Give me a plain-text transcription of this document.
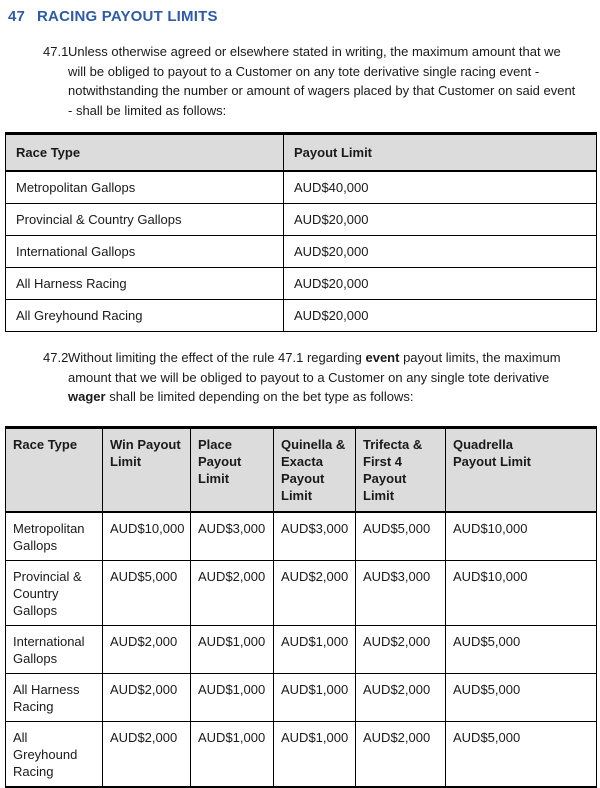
47 RACING PAYOUT LIMITS
47.1 Unless otherwise agreed or elsewhere stated in writing, the maximum amount that we will be obliged to payout to a Customer on any tote derivative single racing event - notwithstanding the number or amount of wagers placed by that Customer on said event - shall be limited as follows:
Race Type	Payout Limit
Metropolitan Gallops	AUD$40,000
Provincial & Country Gallops	AUD$20,000
International Gallops	AUD$20,000
All Harness Racing	AUD$20,000
All Greyhound Racing	AUD$20,000
47.2 Without limiting the effect of the rule 47.1 regarding event payout limits, the maximum amount that we will be obliged to payout to a Customer on any single tote derivative wager shall be limited depending on the bet type as follows:
Race Type	Win Payout Limit	Place Payout Limit	Quinella & Exacta Payout Limit	Trifecta & First 4 Payout Limit	Quadrella Payout Limit
Metropolitan Gallops	AUD$10,000	AUD$3,000	AUD$3,000	AUD$5,000	AUD$10,000
Provincial & Country Gallops	AUD$5,000	AUD$2,000	AUD$2,000	AUD$3,000	AUD$10,000
International Gallops	AUD$2,000	AUD$1,000	AUD$1,000	AUD$2,000	AUD$5,000
All Harness Racing	AUD$2,000	AUD$1,000	AUD$1,000	AUD$2,000	AUD$5,000
All Greyhound Racing	AUD$2,000	AUD$1,000	AUD$1,000	AUD$2,000	AUD$5,000
